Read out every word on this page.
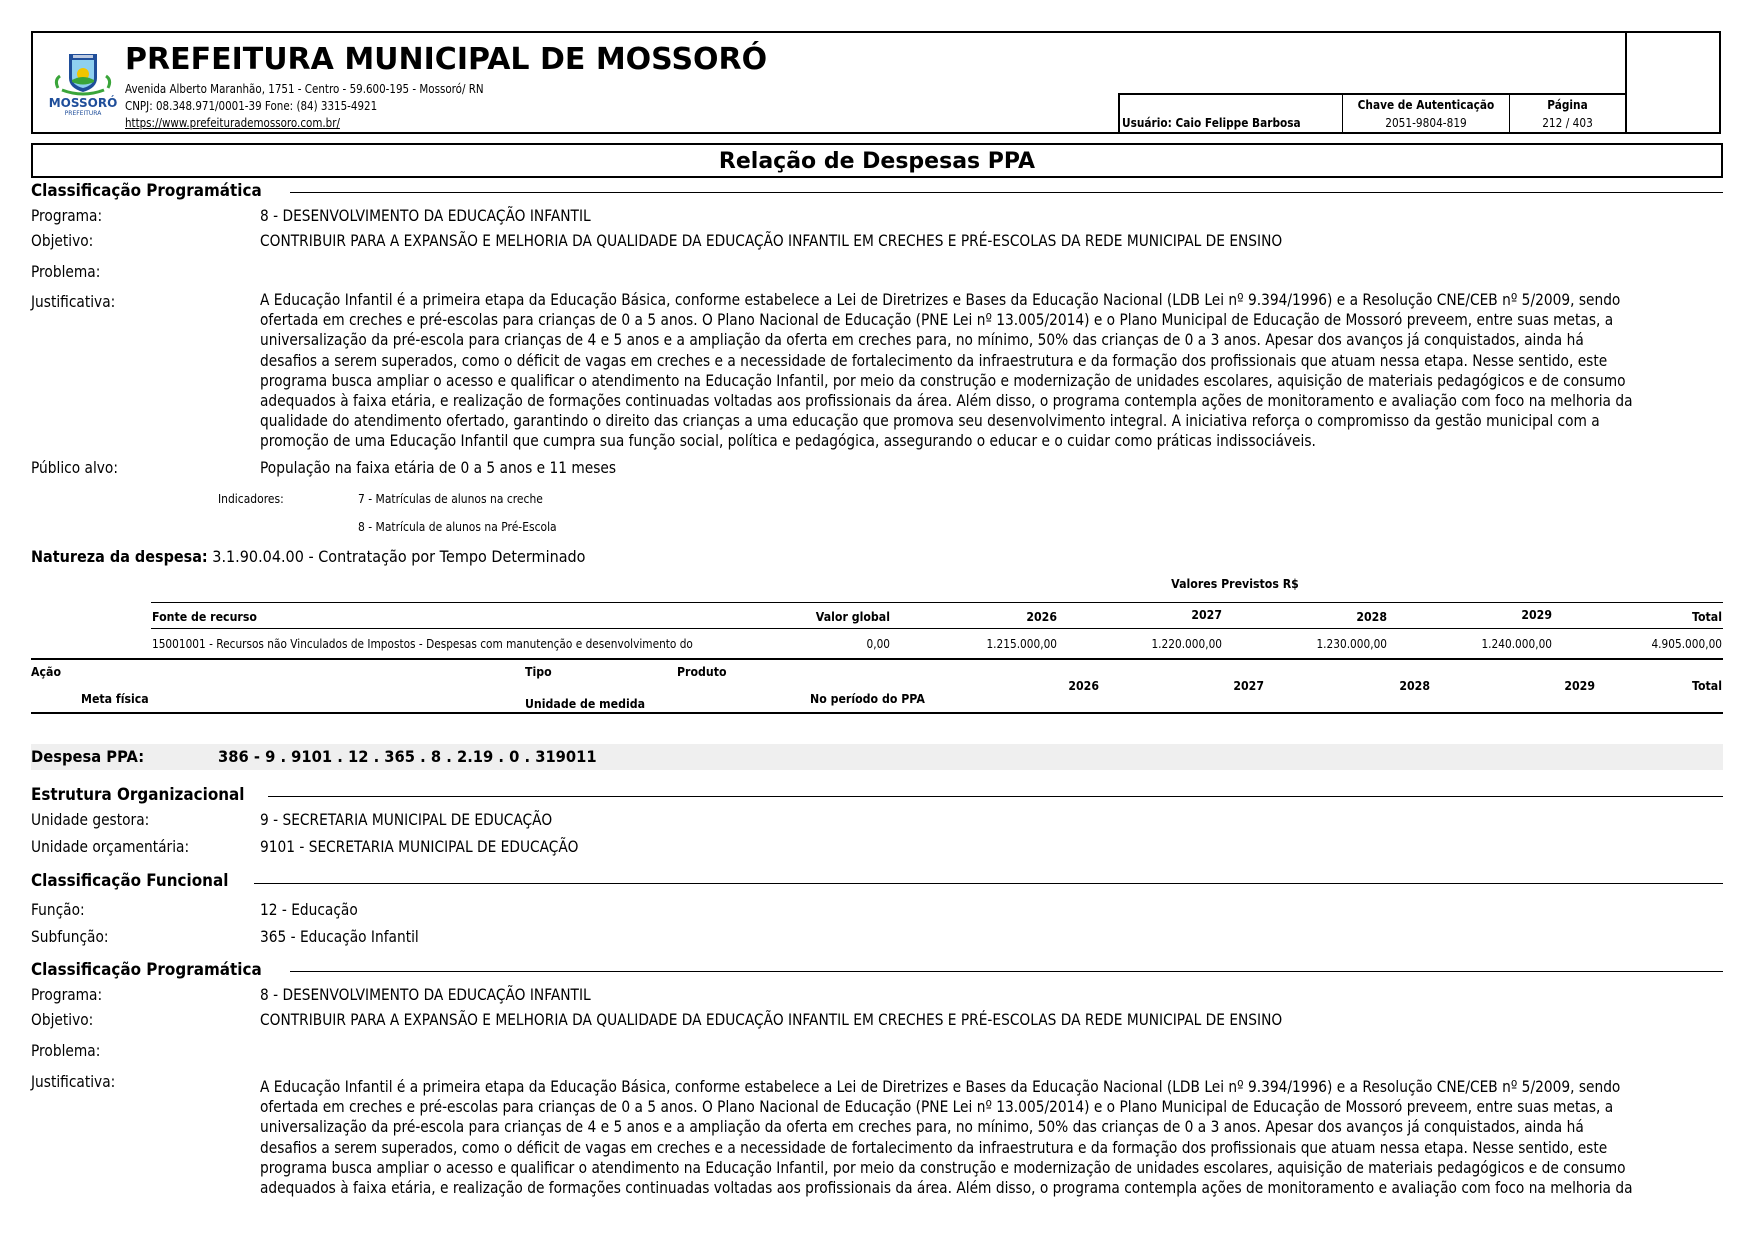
MOSSORÓ
PREFEITURA
PREFEITURA MUNICIPAL DE MOSSORÓ
Avenida Alberto Maranhão, 1751 - Centro - 59.600-195 - Mossoró/ RN
CNPJ: 08.348.971/0001-39 Fone: (84) 3315-4921
https://www.prefeiturademossoro.com.br/	Usuário: Caio Felippe Barbosa
Chave de Autenticação
2051-9804-819
Página
212 / 403
Relação de Despesas PPA
Classificação Programática
Programa:	8 - DESENVOLVIMENTO DA EDUCAÇÃO INFANTIL
Objetivo:	CONTRIBUIR PARA A EXPANSÃO E MELHORIA DA QUALIDADE DA EDUCAÇÃO INFANTIL EM CRECHES E PRÉ-ESCOLAS DA REDE MUNICIPAL DE ENSINO
Problema:
Justificativa:	A Educação Infantil é a primeira etapa da Educação Básica, conforme estabelece a Lei de Diretrizes e Bases da Educação Nacional (LDB Lei nº 9.394/1996) e a Resolução CNE/CEB nº 5/2009, sendo
ofertada em creches e pré-escolas para crianças de 0 a 5 anos. O Plano Nacional de Educação (PNE Lei nº 13.005/2014) e o Plano Municipal de Educação de Mossoró preveem, entre suas metas, a
universalização da pré-escola para crianças de 4 e 5 anos e a ampliação da oferta em creches para, no mínimo, 50% das crianças de 0 a 3 anos. Apesar dos avanços já conquistados, ainda há
desafios a serem superados, como o déficit de vagas em creches e a necessidade de fortalecimento da infraestrutura e da formação dos profissionais que atuam nessa etapa. Nesse sentido, este
programa busca ampliar o acesso e qualificar o atendimento na Educação Infantil, por meio da construção e modernização de unidades escolares, aquisição de materiais pedagógicos e de consumo
adequados à faixa etária, e realização de formações continuadas voltadas aos profissionais da área. Além disso, o programa contempla ações de monitoramento e avaliação com foco na melhoria da
qualidade do atendimento ofertado, garantindo o direito das crianças a uma educação que promova seu desenvolvimento integral. A iniciativa reforça o compromisso da gestão municipal com a
promoção de uma Educação Infantil que cumpra sua função social, política e pedagógica, assegurando o educar e o cuidar como práticas indissociáveis.
Público alvo:	População na faixa etária de 0 a 5 anos e 11 meses
Indicadores:	7 - Matrículas de alunos na creche
8 - Matrícula de alunos na Pré-Escola
Natureza da despesa: 3.1.90.04.00 - Contratação por Tempo Determinado
Valores Previstos R$
Fonte de recurso	Valor global	2026	2027	2028	2029	Total
15001001 - Recursos não Vinculados de Impostos - Despesas com manutenção e desenvolvimento do	0,00	1.215.000,00	1.220.000,00	1.230.000,00	1.240.000,00	4.905.000,00
Ação	Tipo	Produto
Meta física	Unidade de medida	No período do PPA
2026	2027	2028	2029	Total
Despesa PPA:	386 - 9 . 9101 . 12 . 365 . 8 . 2.19 . 0 . 319011
Estrutura Organizacional
Unidade gestora:	9 - SECRETARIA MUNICIPAL DE EDUCAÇÃO
Unidade orçamentária:	9101 - SECRETARIA MUNICIPAL DE EDUCAÇÃO
Classificação Funcional
Função:	12 - Educação
Subfunção:	365 - Educação Infantil
Classificação Programática
Programa:	8 - DESENVOLVIMENTO DA EDUCAÇÃO INFANTIL
Objetivo:	CONTRIBUIR PARA A EXPANSÃO E MELHORIA DA QUALIDADE DA EDUCAÇÃO INFANTIL EM CRECHES E PRÉ-ESCOLAS DA REDE MUNICIPAL DE ENSINO
Problema:
Justificativa:	A Educação Infantil é a primeira etapa da Educação Básica, conforme estabelece a Lei de Diretrizes e Bases da Educação Nacional (LDB Lei nº 9.394/1996) e a Resolução CNE/CEB nº 5/2009, sendo
ofertada em creches e pré-escolas para crianças de 0 a 5 anos. O Plano Nacional de Educação (PNE Lei nº 13.005/2014) e o Plano Municipal de Educação de Mossoró preveem, entre suas metas, a
universalização da pré-escola para crianças de 4 e 5 anos e a ampliação da oferta em creches para, no mínimo, 50% das crianças de 0 a 3 anos. Apesar dos avanços já conquistados, ainda há
desafios a serem superados, como o déficit de vagas em creches e a necessidade de fortalecimento da infraestrutura e da formação dos profissionais que atuam nessa etapa. Nesse sentido, este
programa busca ampliar o acesso e qualificar o atendimento na Educação Infantil, por meio da construção e modernização de unidades escolares, aquisição de materiais pedagógicos e de consumo
adequados à faixa etária, e realização de formações continuadas voltadas aos profissionais da área. Além disso, o programa contempla ações de monitoramento e avaliação com foco na melhoria da
